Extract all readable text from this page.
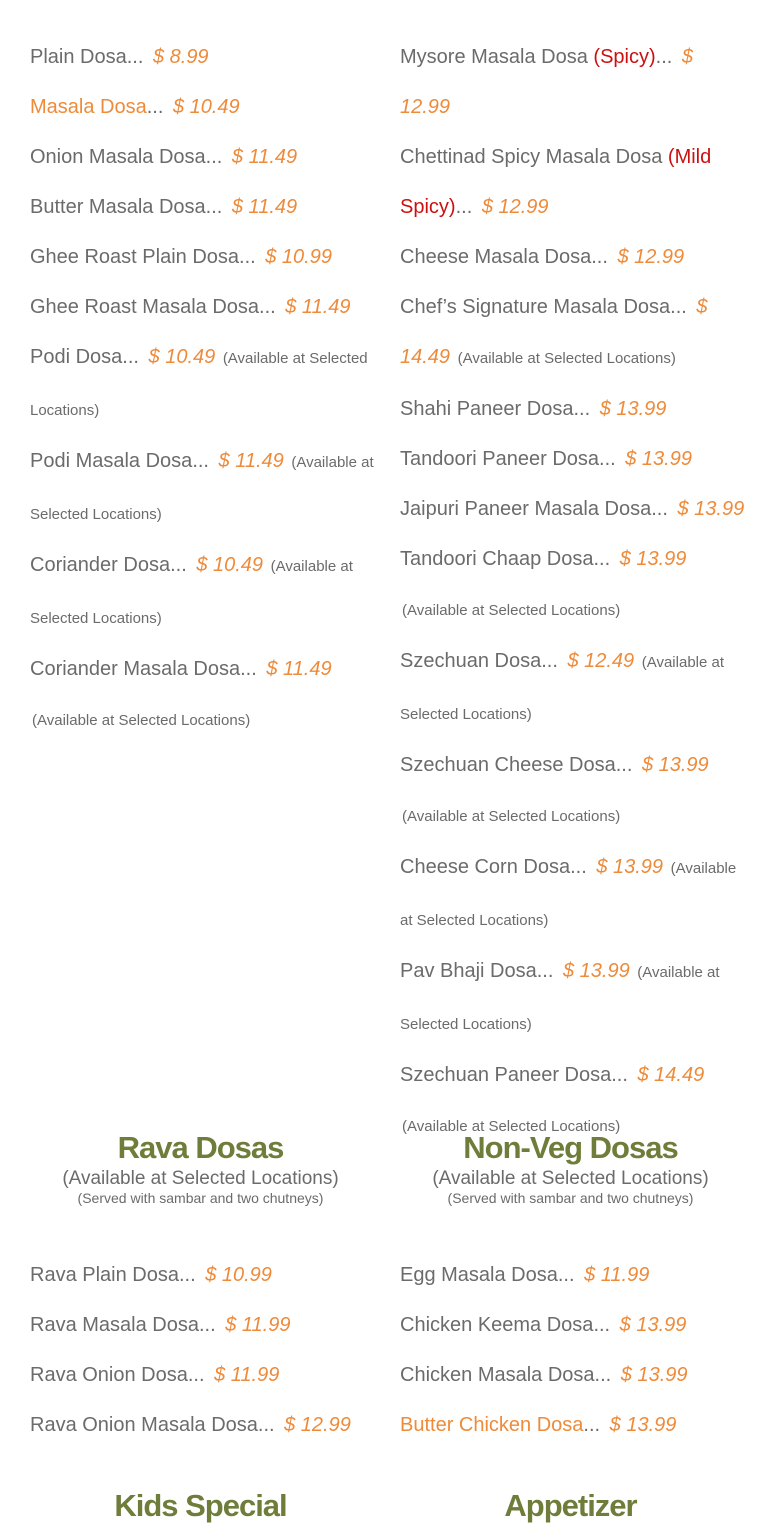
Plain Dosa... $ 8.99
Masala Dosa... $ 10.49
Onion Masala Dosa... $ 11.49
Butter Masala Dosa... $ 11.49
Ghee Roast Plain Dosa... $ 10.99
Ghee Roast Masala Dosa... $ 11.49
Podi Dosa... $ 10.49 (Available at Selected Locations)
Podi Masala Dosa... $ 11.49 (Available at Selected Locations)
Coriander Dosa... $ 10.49 (Available at Selected Locations)
Coriander Masala Dosa... $ 11.49 (Available at Selected Locations)
Mysore Masala Dosa (Spicy)... $ 12.99
Chettinad Spicy Masala Dosa (Mild Spicy)... $ 12.99
Cheese Masala Dosa... $ 12.99
Chef’s Signature Masala Dosa... $ 14.49 (Available at Selected Locations)
Shahi Paneer Dosa... $ 13.99
Tandoori Paneer Dosa... $ 13.99
Jaipuri Paneer Masala Dosa... $ 13.99
Tandoori Chaap Dosa... $ 13.99 (Available at Selected Locations)
Szechuan Dosa... $ 12.49 (Available at Selected Locations)
Szechuan Cheese Dosa... $ 13.99 (Available at Selected Locations)
Cheese Corn Dosa... $ 13.99 (Available at Selected Locations)
Pav Bhaji Dosa... $ 13.99 (Available at Selected Locations)
Szechuan Paneer Dosa... $ 14.49 (Available at Selected Locations)
Rava Dosas
(Available at Selected Locations)
(Served with sambar and two chutneys)
Rava Plain Dosa... $ 10.99
Rava Masala Dosa... $ 11.99
Rava Onion Dosa... $ 11.99
Rava Onion Masala Dosa... $ 12.99
Non-Veg Dosas
(Available at Selected Locations)
(Served with sambar and two chutneys)
Egg Masala Dosa... $ 11.99
Chicken Keema Dosa... $ 13.99
Chicken Masala Dosa... $ 13.99
Butter Chicken Dosa... $ 13.99
Kids Special	Appetizer
